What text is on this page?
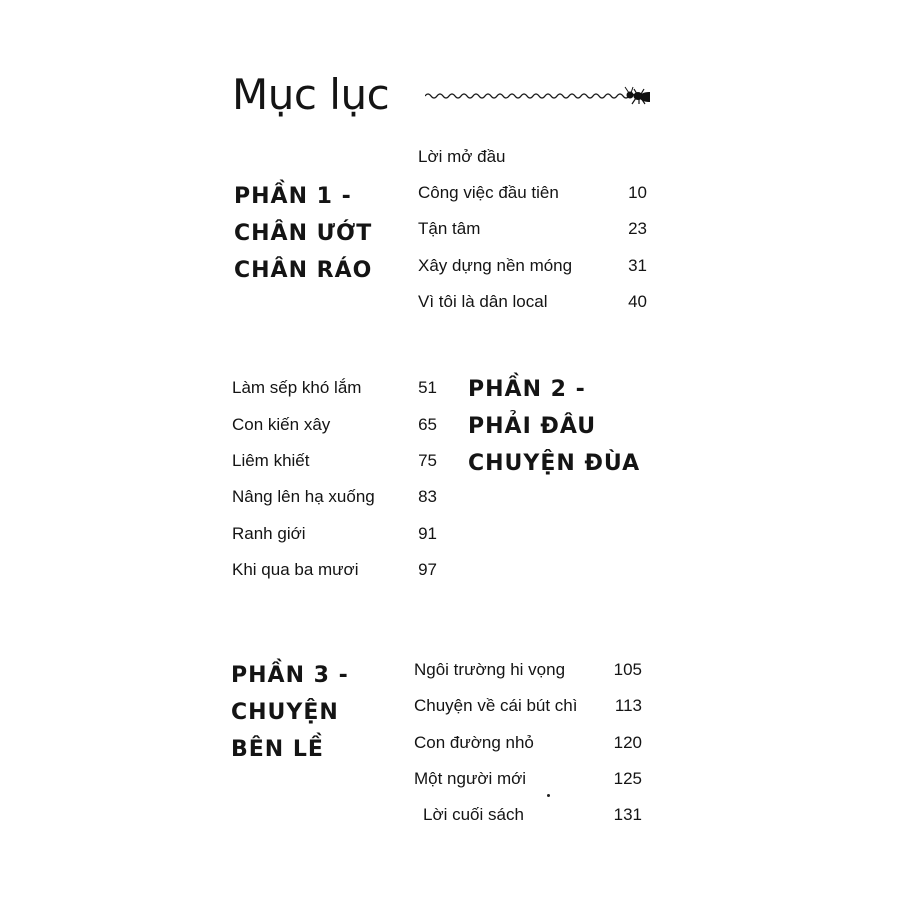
Mục lục
Lời mở đầu
PHẦN 1 -
CHÂN ƯỚT
CHÂN RÁO
Công việc đầu tiên	10
Tận tâm	23
Xây dựng nền móng	31
Vì tôi là dân local	40
Làm sếp khó lắm	51
Con kiến xây	65
Liêm khiết	75
Nâng lên hạ xuống	83
Ranh giới	91
Khi qua ba mươi	97
PHẦN 2 -
PHẢI ĐÂU
CHUYỆN ĐÙA
PHẦN 3 -
CHUYỆN
BÊN LỀ
Ngôi trường hi vọng	105
Chuyện về cái bút chì	113
Con đường nhỏ	120
Một người mới	125
Lời cuối sách	131
